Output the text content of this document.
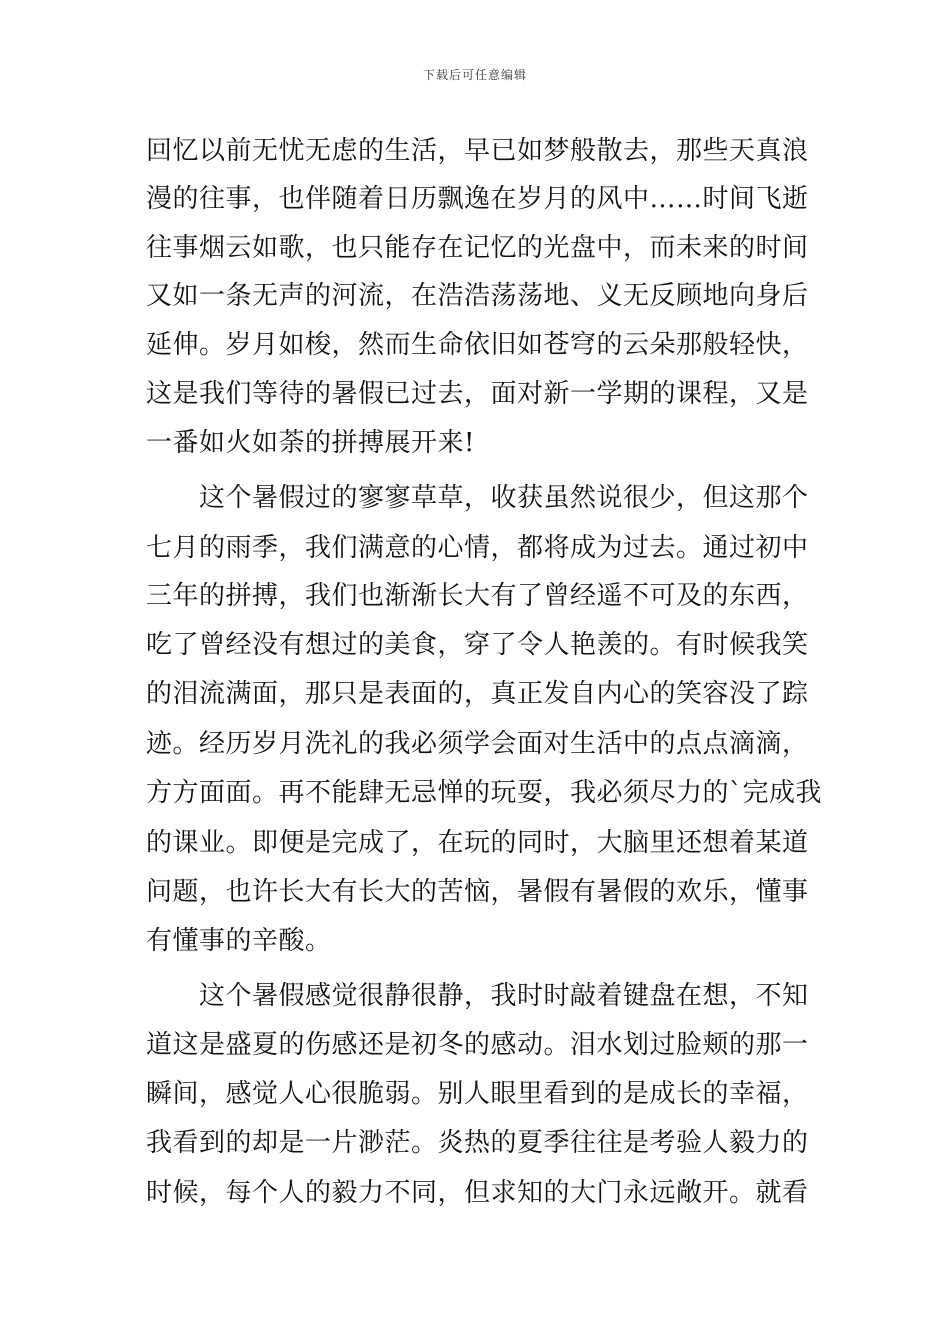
下载后可任意编辑
回忆以前无忧无虑的生活，早已如梦般散去，那些天真浪
漫的往事，也伴随着日历飘逸在岁月的风中……时间飞逝
往事烟云如歌，也只能存在记忆的光盘中，而未来的时间
又如一条无声的河流，在浩浩荡荡地、义无反顾地向身后
延伸。岁月如梭，然而生命依旧如苍穹的云朵那般轻快，
这是我们等待的暑假已过去，面对新一学期的课程，又是
一番如火如荼的拼搏展开来!
　　这个暑假过的寥寥草草，收获虽然说很少，但这那个
七月的雨季，我们满意的心情，都将成为过去。通过初中
三年的拼搏，我们也渐渐长大有了曾经遥不可及的东西，
吃了曾经没有想过的美食，穿了令人艳羡的。有时候我笑
的泪流满面，那只是表面的，真正发自内心的笑容没了踪
迹。经历岁月洗礼的我必须学会面对生活中的点点滴滴，
方方面面。再不能肆无忌惮的玩耍，我必须尽力的`完成我
的课业。即便是完成了，在玩的同时，大脑里还想着某道
问题，也许长大有长大的苦恼，暑假有暑假的欢乐，懂事
有懂事的辛酸。
　　这个暑假感觉很静很静，我时时敲着键盘在想，不知
道这是盛夏的伤感还是初冬的感动。泪水划过脸颊的那一
瞬间，感觉人心很脆弱。别人眼里看到的是成长的幸福，
我看到的却是一片渺茫。炎热的夏季往往是考验人毅力的
时候，每个人的毅力不同，但求知的大门永远敞开。就看
